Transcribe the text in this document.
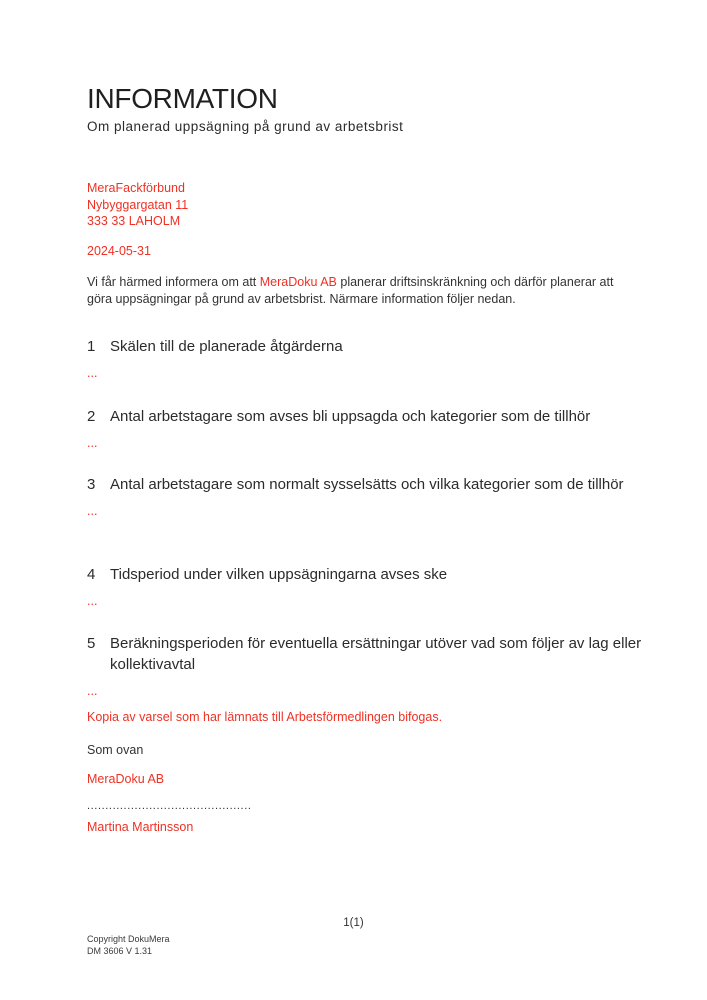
INFORMATION
Om planerad uppsägning på grund av arbetsbrist
MeraFackförbund
Nybyggargatan 11
333 33 LAHOLM
2024-05-31

Vi får härmed informera om att MeraDoku AB planerar driftsinskränkning och därför planerar att göra uppsägningar på grund av arbetsbrist. Närmare information följer nedan.

1 Skälen till de planerade åtgärderna
...
2 Antal arbetstagare som avses bli uppsagda och kategorier som de tillhör
...
3 Antal arbetstagare som normalt sysselsätts och vilka kategorier som de tillhör
...
4 Tidsperiod under vilken uppsägningarna avses ske
...
5 Beräkningsperioden för eventuella ersättningar utöver vad som följer av lag eller kollektivavtal
...
Kopia av varsel som har lämnats till Arbetsförmedlingen bifogas.
Som ovan
MeraDoku AB
.............................................
Martina Martinsson
1(1)
Copyright DokuMera
DM 3606 V 1.31
